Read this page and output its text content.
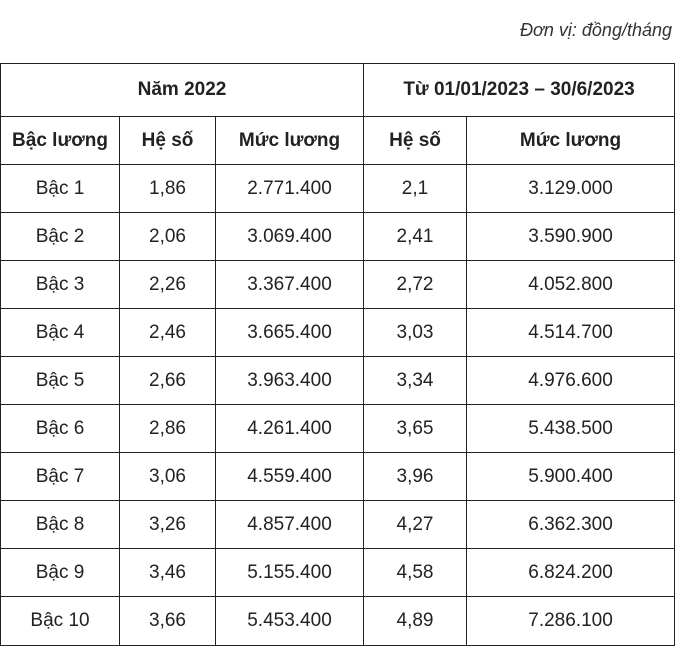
Đơn vị: đồng/tháng
Năm 2022			Từ 01/01/2023 – 30/6/2023	
Bậc lương	Hệ số	Mức lương	Hệ số	Mức lương
Bậc 1	1,86	2.771.400	2,1	3.129.000
Bậc 2	2,06	3.069.400	2,41	3.590.900
Bậc 3	2,26	3.367.400	2,72	4.052.800
Bậc 4	2,46	3.665.400	3,03	4.514.700
Bậc 5	2,66	3.963.400	3,34	4.976.600
Bậc 6	2,86	4.261.400	3,65	5.438.500
Bậc 7	3,06	4.559.400	3,96	5.900.400
Bậc 8	3,26	4.857.400	4,27	6.362.300
Bậc 9	3,46	5.155.400	4,58	6.824.200
Bậc 10	3,66	5.453.400	4,89	7.286.100
